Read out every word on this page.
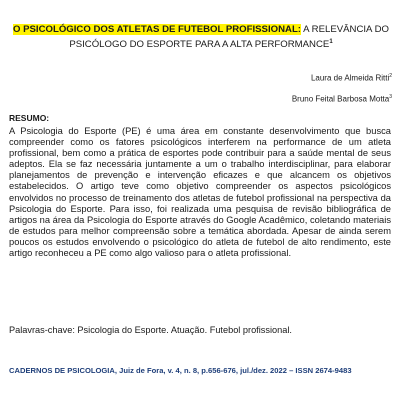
O PSICOLÓGICO DOS ATLETAS DE FUTEBOL PROFISSIONAL: A RELEVÂNCIA DO PSICÓLOGO DO ESPORTE PARA A ALTA PERFORMANCE$^1$
Laura de Almeida Ritti$^2$
Bruno Feital Barbosa Motta$^3$
RESUMO:

A Psicologia do Esporte (PE) é uma área em constante desenvolvimento que busca compreender como os fatores psicológicos interferem na performance de um atleta profissional, bem como a prática de esportes pode contribuir para a saúde mental de seus adeptos. Ela se faz necessária juntamente a um o trabalho interdisciplinar, para elaborar planejamentos de prevenção e intervenção eficazes e que alcancem os objetivos estabelecidos. O artigo teve como objetivo compreender os aspectos psicológicos envolvidos no processo de treinamento dos atletas de futebol profissional na perspectiva da Psicologia do Esporte. Para isso, foi realizada uma pesquisa de revisão bibliográfica de artigos na área da Psicologia do Esporte através do Google Acadêmico, coletando materiais de estudos para melhor compreensão sobre a temática abordada. Apesar de ainda serem poucos os estudos envolvendo o psicológico do atleta de futebol de alto rendimento, este artigo reconheceu a PE como algo valioso para o atleta profissional.

Palavras-chave: Psicologia do Esporte. Atuação. Futebol profissional.

CADERNOS DE PSICOLOGIA, Juiz de Fora, v. 4, n. 8, p.656-676, jul./dez. 2022 – ISSN 2674-9483
